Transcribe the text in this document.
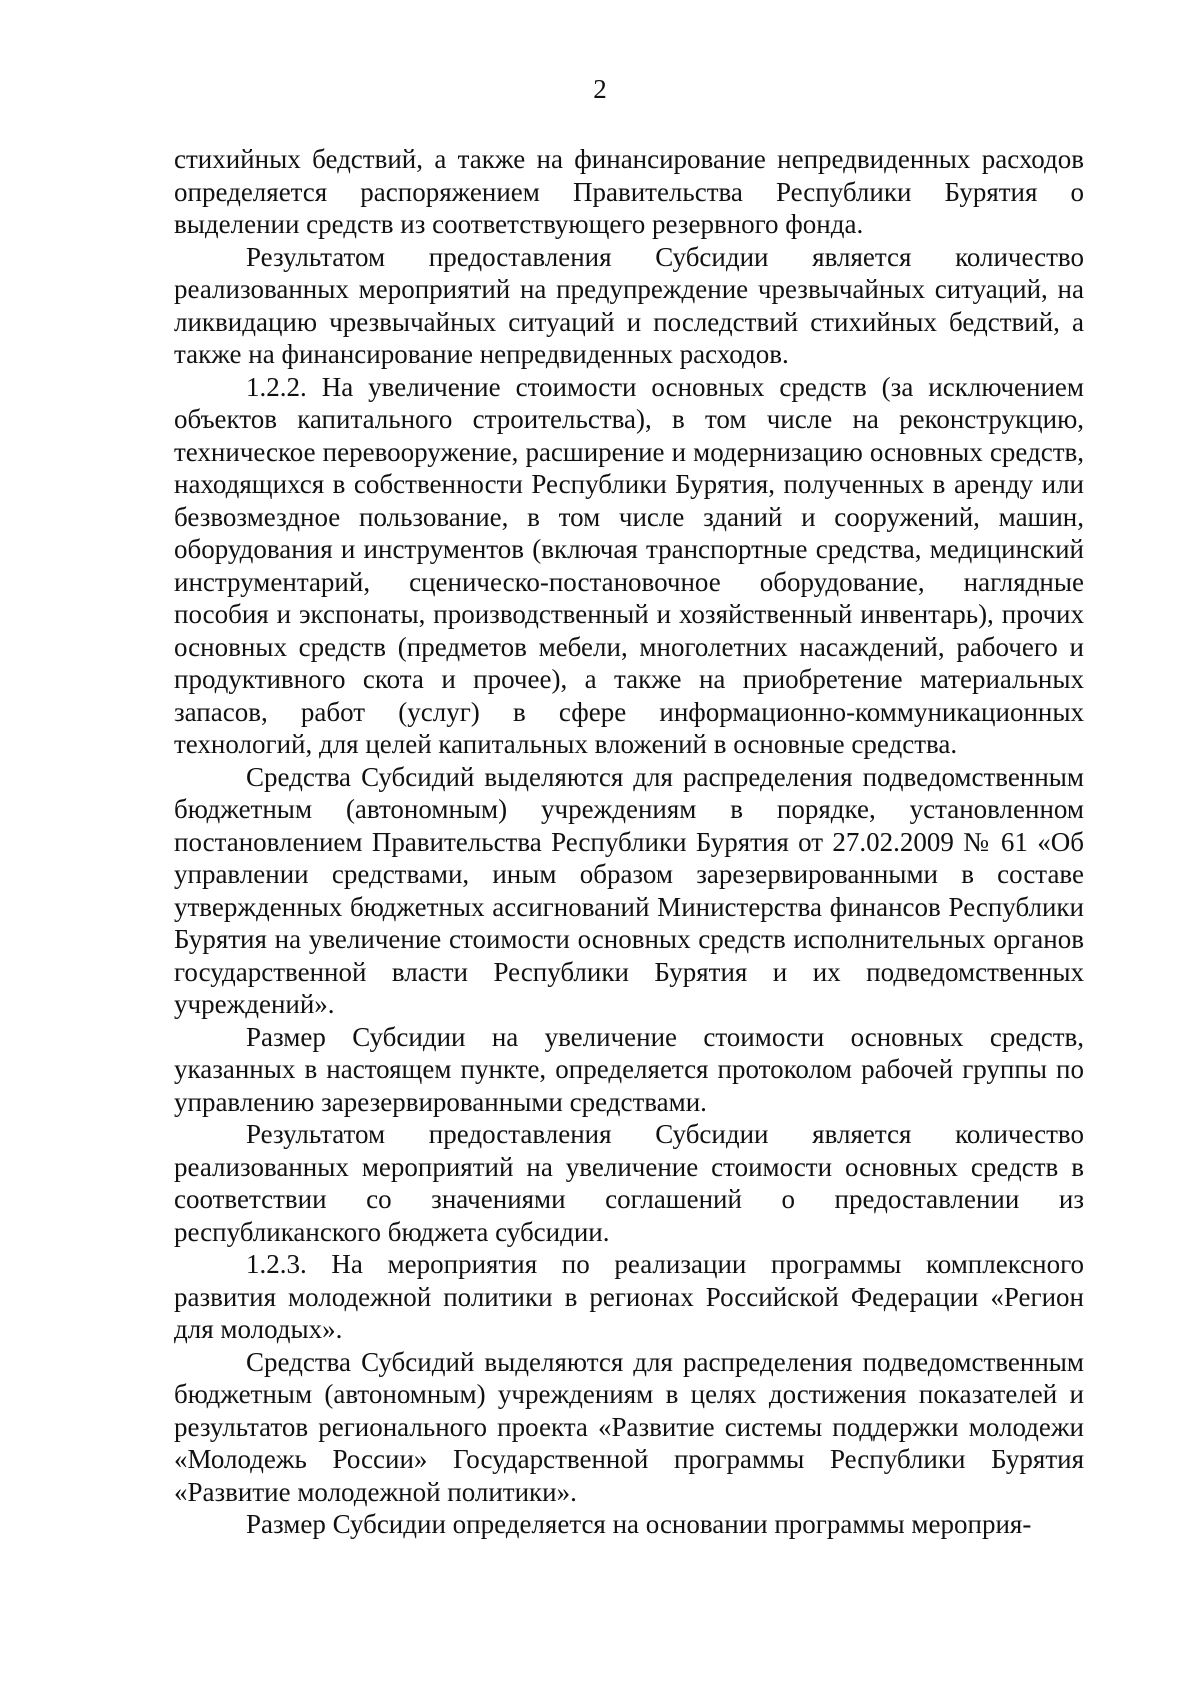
2

стихийных бедствий, а также на финансирование непредвиденных расходов определяется распоряжением Правительства Республики Бурятия о выделении средств из соответствующего резервного фонда.

Результатом предоставления Субсидии является количество реализованных мероприятий на предупреждение чрезвычайных ситуаций, на ликвидацию чрезвычайных ситуаций и последствий стихийных бедствий, а также на финансирование непредвиденных расходов.

1.2.2. На увеличение стоимости основных средств (за исключением объектов капитального строительства), в том числе на реконструкцию, техническое перевооружение, расширение и модернизацию основных средств, находящихся в собственности Республики Бурятия, полученных в аренду или безвозмездное пользование, в том числе зданий и сооружений, машин, оборудования и инструментов (включая транспортные средства, медицинский инструментарий, сценическо-постановочное оборудование, наглядные пособия и экспонаты, производственный и хозяйственный инвентарь), прочих основных средств (предметов мебели, многолетних насаждений, рабочего и продуктивного скота и прочее), а также на приобретение материальных запасов, работ (услуг) в сфере информационно-коммуникационных технологий, для целей капитальных вложений в основные средства.

Средства Субсидий выделяются для распределения подведомственным бюджетным (автономным) учреждениям в порядке, установленном постановлением Правительства Республики Бурятия от 27.02.2009 № 61 «Об управлении средствами, иным образом зарезервированными в составе утвержденных бюджетных ассигнований Министерства финансов Республики Бурятия на увеличение стоимости основных средств исполнительных органов государственной власти Республики Бурятия и их подведомственных учреждений».

Размер Субсидии на увеличение стоимости основных средств, указанных в настоящем пункте, определяется протоколом рабочей группы по управлению зарезервированными средствами.

Результатом предоставления Субсидии является количество реализованных мероприятий на увеличение стоимости основных средств в соответствии со значениями соглашений о предоставлении из республиканского бюджета субсидии.

1.2.3. На мероприятия по реализации программы комплексного развития молодежной политики в регионах Российской Федерации «Регион для молодых».

Средства Субсидий выделяются для распределения подведомственным бюджетным (автономным) учреждениям в целях достижения показателей и результатов регионального проекта «Развитие системы поддержки молодежи «Молодежь России» Государственной программы Республики Бурятия «Развитие молодежной политики».

Размер Субсидии определяется на основании программы мероприя-
